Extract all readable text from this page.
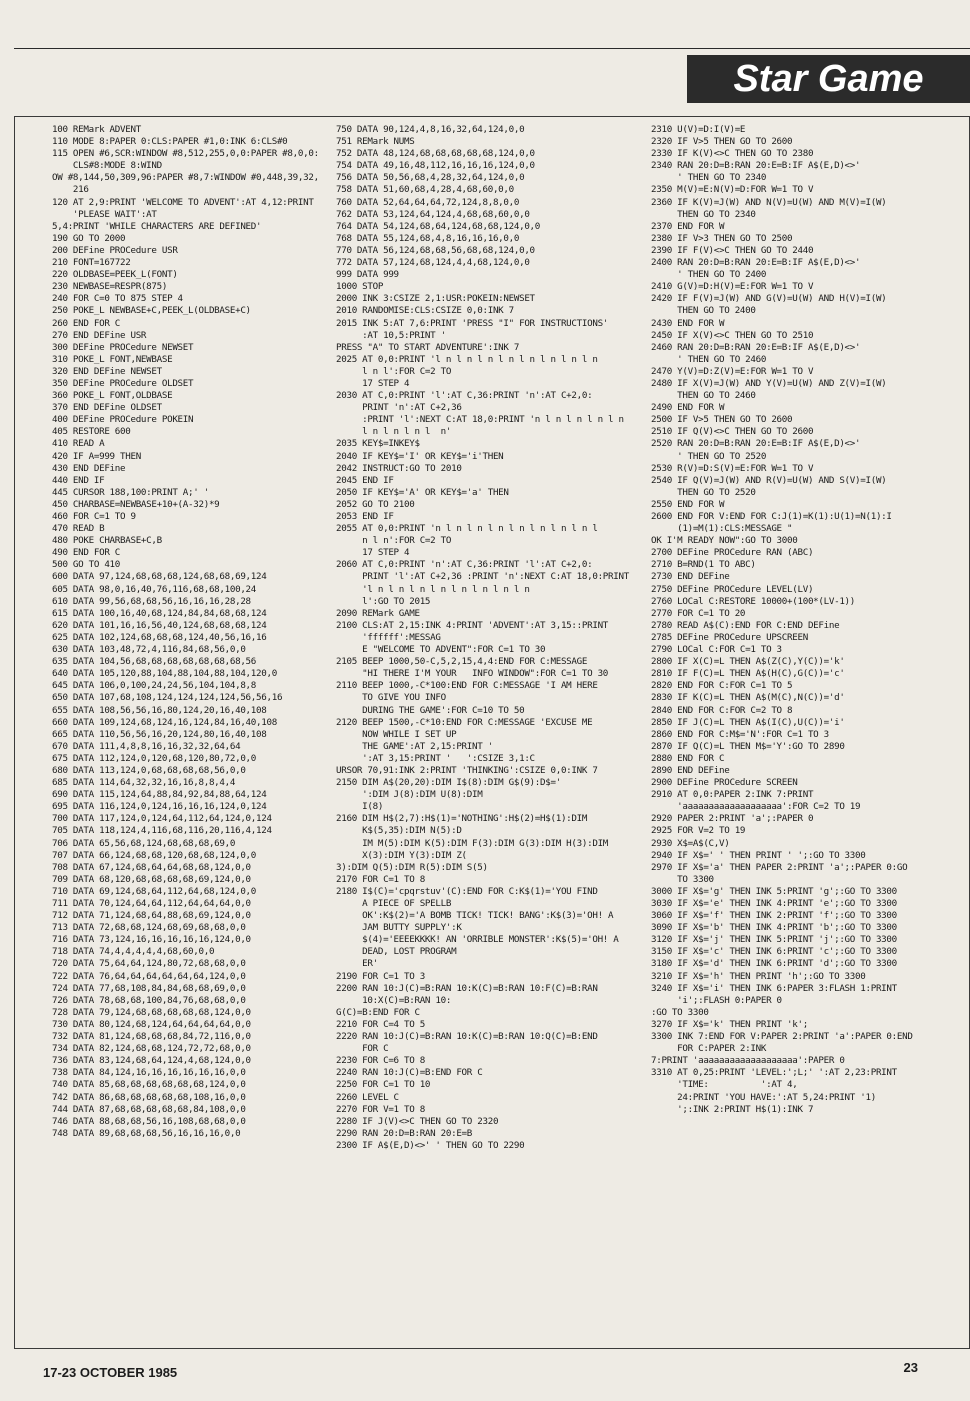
Star Game
100 REMark ADVENT
110 MODE 8:PAPER 0:CLS:PAPER #1,0:INK 6:CLS#0
115 OPEN #6,SCR:WINDOW #8,512,255,0,0:PAPER #8,0,0:
CLS#8:MODE 8:WIND
OW #8,144,50,309,96:PAPER #8,7:WINDOW #0,448,39,32,
216
120 AT 2,9:PRINT 'WELCOME TO ADVENT':AT 4,12:PRINT
'PLEASE WAIT':AT
5,4:PRINT 'WHILE CHARACTERS ARE DEFINED'
190 GO TO 2000
200 DEFine PROCedure USR
210 FONT=167722
220 OLDBASE=PEEK_L(FONT)
230 NEWBASE=RESPR(875)
240 FOR C=0 TO 875 STEP 4
250 POKE_L NEWBASE+C,PEEK_L(OLDBASE+C)
260 END FOR C
270 END DEFine USR
300 DEFine PROCedure NEWSET
310 POKE_L FONT,NEWBASE
320 END DEFine NEWSET
350 DEFine PROCedure OLDSET
360 POKE_L FONT,OLDBASE
370 END DEFine OLDSET
400 DEFine PROCedure POKEIN
405 RESTORE 600
410 READ A
420 IF A=999 THEN
430 END DEFine
440 END IF
445 CURSOR 188,100:PRINT A;' '
450 CHARBASE=NEWBASE+10+(A-32)*9
460 FOR C=1 TO 9
470 READ B
480 POKE CHARBASE+C,B
490 END FOR C
500 GO TO 410
600 DATA 97,124,68,68,68,124,68,68,69,124
605 DATA 98,0,16,40,76,116,68,68,100,24
610 DATA 99,56,68,68,56,16,16,16,28,28
615 DATA 100,16,40,68,124,84,84,68,68,124
620 DATA 101,16,16,56,40,124,68,68,68,124
625 DATA 102,124,68,68,68,124,40,56,16,16
630 DATA 103,48,72,4,116,84,68,56,0,0
635 DATA 104,56,68,68,68,68,68,68,68,56
640 DATA 105,120,88,104,88,104,88,104,120,0
645 DATA 106,0,100,24,24,56,104,104,8,8
650 DATA 107,68,108,124,124,124,124,56,56,16
655 DATA 108,56,56,16,80,124,20,16,40,108
660 DATA 109,124,68,124,16,124,84,16,40,108
665 DATA 110,56,56,16,20,124,80,16,40,108
670 DATA 111,4,8,8,16,16,32,32,64,64
675 DATA 112,124,0,120,68,120,80,72,0,0
680 DATA 113,124,0,68,68,68,68,56,0,0
685 DATA 114,64,32,32,16,16,8,8,4,4
690 DATA 115,124,64,88,84,92,84,88,64,124
695 DATA 116,124,0,124,16,16,16,124,0,124
700 DATA 117,124,0,124,64,112,64,124,0,124
705 DATA 118,124,4,116,68,116,20,116,4,124
706 DATA 65,56,68,124,68,68,68,69,0
707 DATA 66,124,68,68,120,68,68,124,0,0
708 DATA 67,124,68,64,64,68,68,124,0,0
709 DATA 68,120,68,68,68,68,69,124,0,0
710 DATA 69,124,68,64,112,64,68,124,0,0
711 DATA 70,124,64,64,112,64,64,64,0,0
712 DATA 71,124,68,64,88,68,69,124,0,0
713 DATA 72,68,68,124,68,69,68,68,0,0
716 DATA 73,124,16,16,16,16,16,124,0,0
718 DATA 74,4,4,4,4,4,68,60,0,0
720 DATA 75,64,64,124,80,72,68,68,0,0
722 DATA 76,64,64,64,64,64,64,124,0,0
724 DATA 77,68,108,84,84,68,68,69,0,0
726 DATA 78,68,68,100,84,76,68,68,0,0
728 DATA 79,124,68,68,68,68,68,124,0,0
730 DATA 80,124,68,124,64,64,64,64,0,0
732 DATA 81,124,68,68,68,84,72,116,0,0
734 DATA 82,124,68,68,124,72,72,68,0,0
736 DATA 83,124,68,64,124,4,68,124,0,0
738 DATA 84,124,16,16,16,16,16,16,0,0
740 DATA 85,68,68,68,68,68,68,124,0,0
742 DATA 86,68,68,68,68,68,108,16,0,0
744 DATA 87,68,68,68,68,68,84,108,0,0
746 DATA 88,68,68,56,16,108,68,68,0,0
748 DATA 89,68,68,68,56,16,16,16,0,0
750 DATA 90,124,4,8,16,32,64,124,0,0
751 REMark NUMS
752 DATA 48,124,68,68,68,68,68,124,0,0
754 DATA 49,16,48,112,16,16,16,124,0,0
756 DATA 50,56,68,4,28,32,64,124,0,0
758 DATA 51,60,68,4,28,4,68,60,0,0
760 DATA 52,64,64,64,72,124,8,8,0,0
762 DATA 53,124,64,124,4,68,68,60,0,0
764 DATA 54,124,68,64,124,68,68,124,0,0
768 DATA 55,124,68,4,8,16,16,16,0,0
770 DATA 56,124,68,68,56,68,68,124,0,0
772 DATA 57,124,68,124,4,4,68,124,0,0
999 DATA 999
1000 STOP
2000 INK 3:CSIZE 2,1:USR:POKEIN:NEWSET
2010 RANDOMISE:CLS:CSIZE 0,0:INK 7
2015 INK 5:AT 7,6:PRINT 'PRESS "I" FOR INSTRUCTIONS'
:AT 10,5:PRINT '
PRESS "A" TO START ADVENTURE':INK 7
2025 AT 0,0:PRINT 'l n l n l n l n l n l n l n l n
l n l':FOR C=2 TO
17 STEP 4
2030 AT C,0:PRINT 'l':AT C,36:PRINT 'n':AT C+2,0:
PRINT 'n':AT C+2,36
:PRINT 'l':NEXT C:AT 18,0:PRINT 'n l n l n l n l n
l n l n l n l  n'
2035 KEY$=INKEY$
2040 IF KEY$='I' OR KEY$='i'THEN
2042 INSTRUCT:GO TO 2010
2045 END IF
2050 IF KEY$='A' OR KEY$='a' THEN
2052 GO TO 2100
2053 END IF
2055 AT 0,0:PRINT 'n l n l n l n l n l n l n l n l
n l n':FOR C=2 TO
17 STEP 4
2060 AT C,0:PRINT 'n':AT C,36:PRINT 'l':AT C+2,0:
PRINT 'l':AT C+2,36 :PRINT 'n':NEXT C:AT 18,0:PRINT
'l n l n l n l n l n l n l n l n
l':GO TO 2015
2090 REMark GAME
2100 CLS:AT 2,15:INK 4:PRINT 'ADVENT':AT 3,15::PRINT
'ffffff':MESSAG
E "WELCOME TO ADVENT":FOR C=1 TO 30
2105 BEEP 1000,50-C,5,2,15,4,4:END FOR C:MESSAGE
"HI THERE I'M YOUR   INFO WINDOW":FOR C=1 TO 30
2110 BEEP 1000,-C*100:END FOR C:MESSAGE 'I AM HERE
TO GIVE YOU INFO
DURING THE GAME':FOR C=10 TO 50
2120 BEEP 1500,-C*10:END FOR C:MESSAGE 'EXCUSE ME
NOW WHILE I SET UP
THE GAME':AT 2,15:PRINT '
':AT 3,15:PRINT '   ':CSIZE 3,1:C
URSOR 70,91:INK 2:PRINT 'THINKING':CSIZE 0,0:INK 7
2150 DIM A$(20,20):DIM I$(8):DIM G$(9):D$='
':DIM J(8):DIM U(8):DIM
I(8)
2160 DIM H$(2,7):H$(1)='NOTHING':H$(2)=H$(1):DIM
K$(5,35):DIM N(5):D
IM M(5):DIM K(5):DIM F(3):DIM G(3):DIM H(3):DIM
X(3):DIM Y(3):DIM Z(
3):DIM Q(5):DIM R(5):DIM S(5)
2170 FOR C=1 TO 8
2180 I$(C)='cpqrstuv'(C):END FOR C:K$(1)='YOU FIND
A PIECE OF SPELLB
OK':K$(2)='A BOMB TICK! TICK! BANG':K$(3)='OH! A
JAM BUTTY SUPPLY':K
$(4)='EEEEKKKK! AN 'ORRIBLE MONSTER':K$(5)='OH! A
DEAD, LOST PROGRAM
ER'
2190 FOR C=1 TO 3
2200 RAN 10:J(C)=B:RAN 10:K(C)=B:RAN 10:F(C)=B:RAN
10:X(C)=B:RAN 10:
G(C)=B:END FOR C
2210 FOR C=4 TO 5
2220 RAN 10:J(C)=B:RAN 10:K(C)=B:RAN 10:Q(C)=B:END
FOR C
2230 FOR C=6 TO 8
2240 RAN 10:J(C)=B:END FOR C
2250 FOR C=1 TO 10
2260 LEVEL C
2270 FOR V=1 TO 8
2280 IF J(V)<>C THEN GO TO 2320
2290 RAN 20:D=B:RAN 20:E=B
2300 IF A$(E,D)<>' ' THEN GO TO 2290
2310 U(V)=D:I(V)=E
2320 IF V>5 THEN GO TO 2600
2330 IF K(V)<>C THEN GO TO 2380
2340 RAN 20:D=B:RAN 20:E=B:IF A$(E,D)<>'
' THEN GO TO 2340
2350 M(V)=E:N(V)=D:FOR W=1 TO V
2360 IF K(V)=J(W) AND N(V)=U(W) AND M(V)=I(W)
THEN GO TO 2340
2370 END FOR W
2380 IF V>3 THEN GO TO 2500
2390 IF F(V)<>C THEN GO TO 2440
2400 RAN 20:D=B:RAN 20:E=B:IF A$(E,D)<>'
' THEN GO TO 2400
2410 G(V)=D:H(V)=E:FOR W=1 TO V
2420 IF F(V)=J(W) AND G(V)=U(W) AND H(V)=I(W)
THEN GO TO 2400
2430 END FOR W
2450 IF X(V)<>C THEN GO TO 2510
2460 RAN 20:D=B:RAN 20:E=B:IF A$(E,D)<>'
' THEN GO TO 2460
2470 Y(V)=D:Z(V)=E:FOR W=1 TO V
2480 IF X(V)=J(W) AND Y(V)=U(W) AND Z(V)=I(W)
THEN GO TO 2460
2490 END FOR W
2500 IF V>5 THEN GO TO 2600
2510 IF Q(V)<>C THEN GO TO 2600
2520 RAN 20:D=B:RAN 20:E=B:IF A$(E,D)<>'
' THEN GO TO 2520
2530 R(V)=D:S(V)=E:FOR W=1 TO V
2540 IF Q(V)=J(W) AND R(V)=U(W) AND S(V)=I(W)
THEN GO TO 2520
2550 END FOR W
2600 END FOR V:END FOR C:J(1)=K(1):U(1)=N(1):I
(1)=M(1):CLS:MESSAGE "
OK I'M READY NOW":GO TO 3000
2700 DEFine PROCedure RAN (ABC)
2710 B=RND(1 TO ABC)
2730 END DEFine
2750 DEFine PROCedure LEVEL(LV)
2760 LOCal C:RESTORE 10000+(100*(LV-1))
2770 FOR C=1 TO 20
2780 READ A$(C):END FOR C:END DEFine
2785 DEFine PROCedure UPSCREEN
2790 LOCal C:FOR C=1 TO 3
2800 IF X(C)=L THEN A$(Z(C),Y(C))='k'
2810 IF F(C)=L THEN A$(H(C),G(C))='c'
2820 END FOR C:FOR C=1 TO 5
2830 IF K(C)=L THEN A$(M(C),N(C))='d'
2840 END FOR C:FOR C=2 TO 8
2850 IF J(C)=L THEN A$(I(C),U(C))='i'
2860 END FOR C:M$='N':FOR C=1 TO 3
2870 IF Q(C)=L THEN M$='Y':GO TO 2890
2880 END FOR C
2890 END DEFine
2900 DEFine PROCedure SCREEN
2910 AT 0,0:PAPER 2:INK 7:PRINT
'aaaaaaaaaaaaaaaaaaa':FOR C=2 TO 19
2920 PAPER 2:PRINT 'a';:PAPER 0
2925 FOR V=2 TO 19
2930 X$=A$(C,V)
2940 IF X$=' ' THEN PRINT ' ';:GO TO 3300
2970 IF X$='a' THEN PAPER 2:PRINT 'a';:PAPER 0:GO
TO 3300
3000 IF X$='g' THEN INK 5:PRINT 'g';:GO TO 3300
3030 IF X$='e' THEN INK 4:PRINT 'e';:GO TO 3300
3060 IF X$='f' THEN INK 2:PRINT 'f';:GO TO 3300
3090 IF X$='b' THEN INK 4:PRINT 'b';:GO TO 3300
3120 IF X$='j' THEN INK 5:PRINT 'j';:GO TO 3300
3150 IF X$='c' THEN INK 6:PRINT 'c';:GO TO 3300
3180 IF X$='d' THEN INK 6:PRINT 'd';:GO TO 3300
3210 IF X$='h' THEN PRINT 'h';:GO TO 3300
3240 IF X$='i' THEN INK 6:PAPER 3:FLASH 1:PRINT
'i';:FLASH 0:PAPER 0
:GO TO 3300
3270 IF X$='k' THEN PRINT 'k';
3300 INK 7:END FOR V:PAPER 2:PRINT 'a':PAPER 0:END
FOR C:PAPER 2:INK
7:PRINT 'aaaaaaaaaaaaaaaaaaa':PAPER 0
3310 AT 0,25:PRINT 'LEVEL:';L;' ':AT 2,23:PRINT
'TIME:          ':AT 4,
24:PRINT 'YOU HAVE:':AT 5,24:PRINT '1)
';:INK 2:PRINT H$(1):INK 7
17-23 OCTOBER 1985	23
